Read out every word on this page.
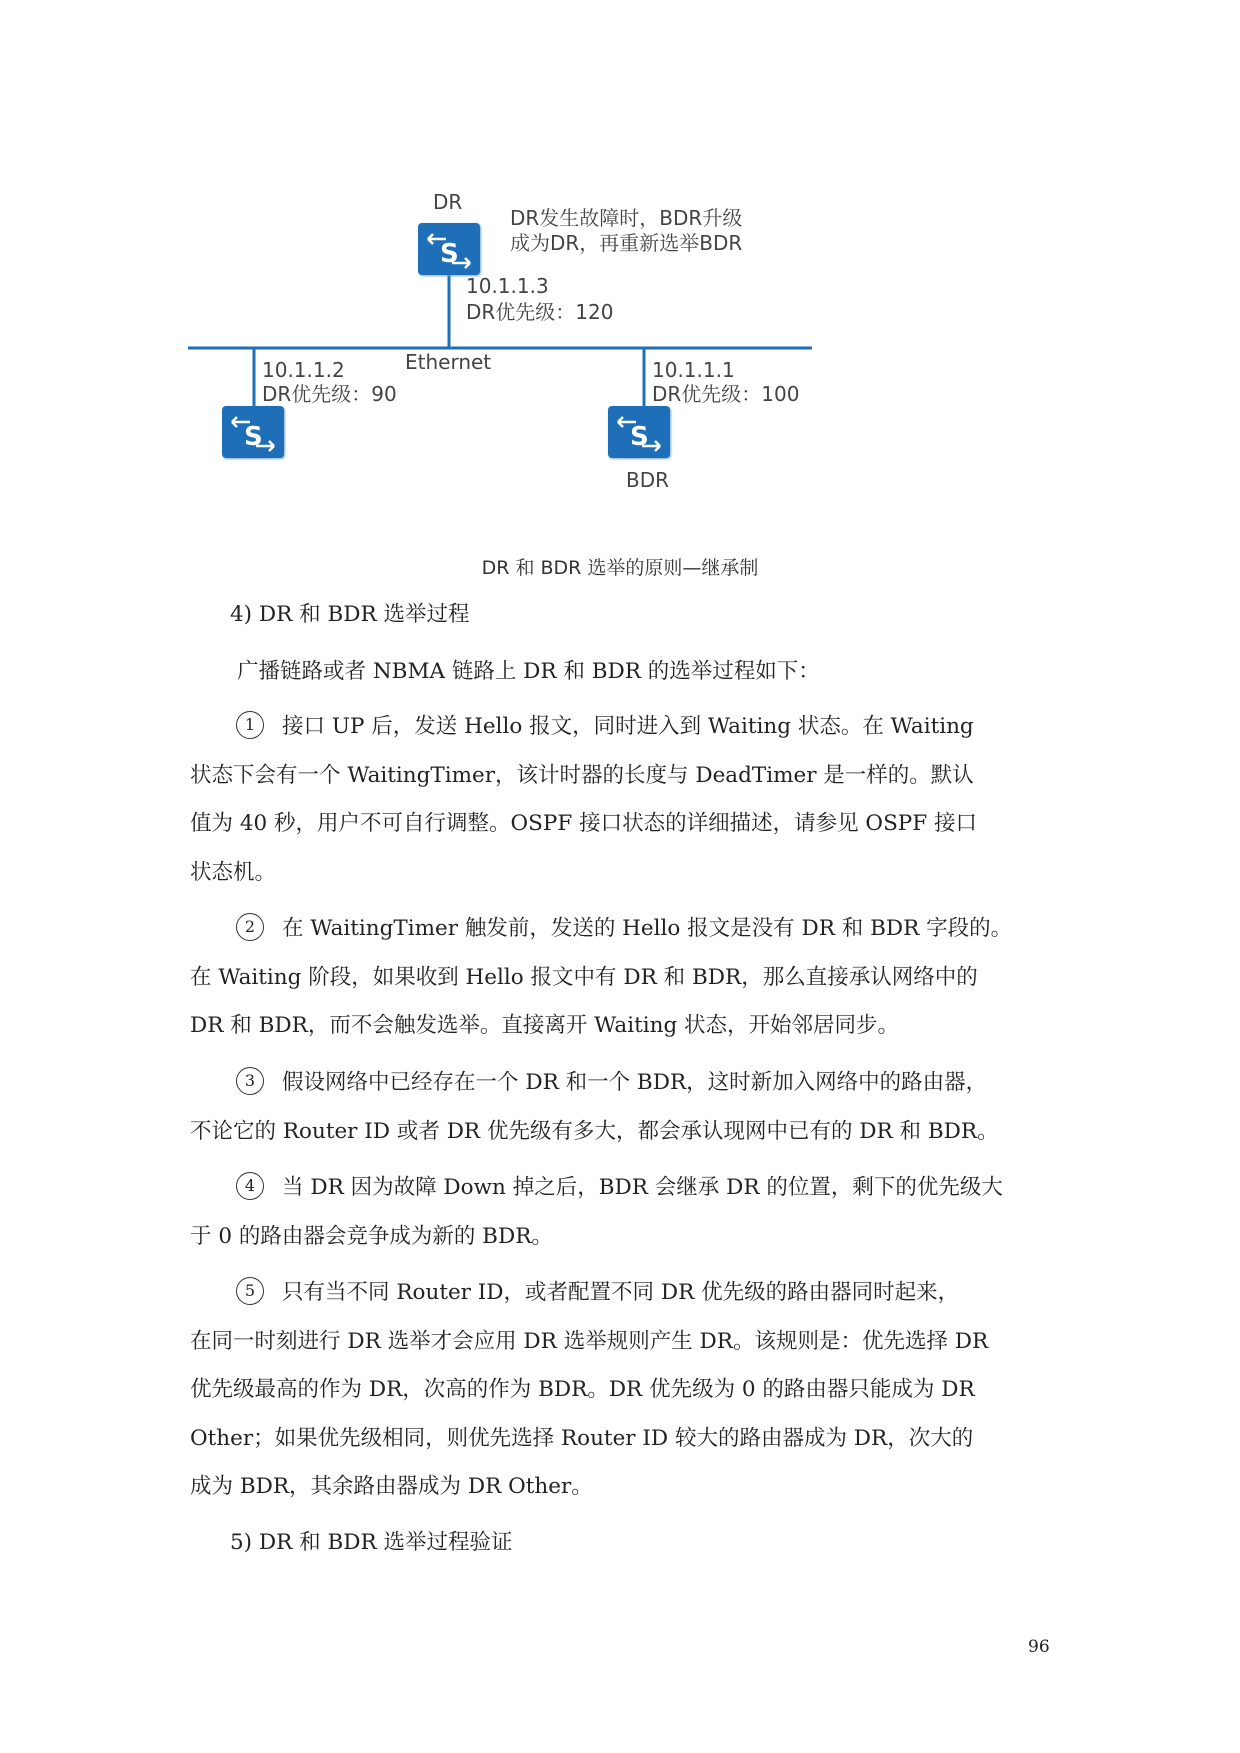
DR
DR发生故障时，BDR升级
成为DR，再重新选举BDR
S
10.1.1.3
DR优先级：120
Ethernet
10.1.1.2
DR优先级：90
10.1.1.1
DR优先级：100
S	S
BDR
DR 和 BDR 选举的原则—继承制
4) DR 和 BDR 选举过程
广播链路或者 NBMA 链路上 DR 和 BDR 的选举过程如下：
1 接口 UP 后，发送 Hello 报文，同时进入到 Waiting 状态。在 Waiting
状态下会有一个 WaitingTimer，该计时器的长度与 DeadTimer 是一样的。默认
值为 40 秒，用户不可自行调整。OSPF 接口状态的详细描述，请参见 OSPF 接口
状态机。
2 在 WaitingTimer 触发前，发送的 Hello 报文是没有 DR 和 BDR 字段的。
在 Waiting 阶段，如果收到 Hello 报文中有 DR 和 BDR，那么直接承认网络中的
DR 和 BDR，而不会触发选举。直接离开 Waiting 状态，开始邻居同步。
3 假设网络中已经存在一个 DR 和一个 BDR，这时新加入网络中的路由器，
不论它的 Router ID 或者 DR 优先级有多大，都会承认现网中已有的 DR 和 BDR。
4 当 DR 因为故障 Down 掉之后，BDR 会继承 DR 的位置，剩下的优先级大
于 0 的路由器会竞争成为新的 BDR。
5 只有当不同 Router ID，或者配置不同 DR 优先级的路由器同时起来，
在同一时刻进行 DR 选举才会应用 DR 选举规则产生 DR。该规则是：优先选择 DR
优先级最高的作为 DR，次高的作为 BDR。DR 优先级为 0 的路由器只能成为 DR
Other；如果优先级相同，则优先选择 Router ID 较大的路由器成为 DR，次大的
成为 BDR，其余路由器成为 DR Other。
5) DR 和 BDR 选举过程验证
96
